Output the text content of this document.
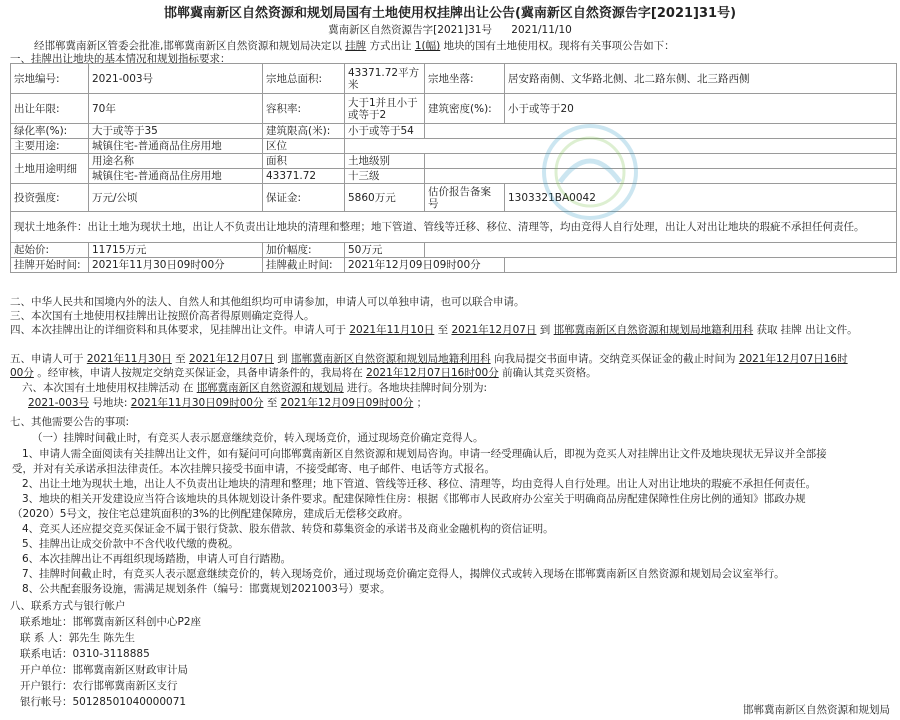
邯郸冀南新区自然资源和规划局国有土地使用权挂牌出让公告(冀南新区自然资源告字[2021]31号)
冀南新区自然资源告字[2021]31号 2021/11/10
经邯郸冀南新区管委会批准,邯郸冀南新区自然资源和规划局决定以 挂牌 方式出让 1(幅) 地块的国有土地使用权。现将有关事项公告如下：
一、挂牌出让地块的基本情况和规划指标要求：
宗地编号:	2021-003号	宗地总面积:	43371.72平方米	宗地坐落:	居安路南侧、文华路北侧、北二路东侧、北三路西侧
出让年限:	70年	容积率:	大于1并且小于或等于2	建筑密度(%):	小于或等于20
绿化率(%):	大于或等于35	建筑限高(米):	小于或等于54		
主要用途:	城镇住宅-普通商品住房用地	区位			
土地用途明细	用途名称	面积	土地级别		
	城镇住宅-普通商品住房用地	43371.72	十三级		
投资强度:	万元/公顷	保证金:	5860万元	估价报告备案号	1303321BA0042
现状土地条件：出让土地为现状土地，出让人不负责出让地块的清理和整理；地下管道、管线等迁移、移位、清理等，均由竞得人自行处理，出让人对出让地块的瑕疵不承担任何责任。					
起始价:	11715万元	加价幅度:	50万元		
挂牌开始时间:	2021年11月30日09时00分	挂牌截止时间:	2021年12月09日09时00分		
二、中华人民共和国境内外的法人、自然人和其他组织均可申请参加，申请人可以单独申请，也可以联合申请。
三、本次国有土地使用权挂牌出让按照价高者得原则确定竞得人。
四、本次挂牌出让的详细资料和具体要求，见挂牌出让文件。申请人可于 2021年11月10日 至 2021年12月07日 到 邯郸冀南新区自然资源和规划局地籍利用科 获取 挂牌 出让文件。
五、申请人可于 2021年11月30日 至 2021年12月07日 到 邯郸冀南新区自然资源和规划局地籍利用科 向我局提交书面申请。交纳竞买保证金的截止时间为 2021年12月07日16时
00分 。经审核，申请人按规定交纳竞买保证金，具备申请条件的，我局将在 2021年12月07日16时00分 前确认其竞买资格。
六、本次国有土地使用权挂牌活动 在 邯郸冀南新区自然资源和规划局 进行。各地块挂牌时间分别为:
2021-003号 号地块: 2021年11月30日09时00分 至 2021年12月09日09时00分 ；
七、其他需要公告的事项:
（一）挂牌时间截止时，有竞买人表示愿意继续竞价，转入现场竞价，通过现场竞价确定竞得人。
1、申请人需全面阅读有关挂牌出让文件，如有疑问可向邯郸冀南新区自然资源和规划局咨询。申请一经受理确认后，即视为竞买人对挂牌出让文件及地块现状无异议并全部接
受，并对有关承诺承担法律责任。本次挂牌只接受书面申请，不接受邮寄、电子邮件、电话等方式报名。
2、出让土地为现状土地，出让人不负责出让地块的清理和整理；地下管道、管线等迁移、移位、清理等，均由竞得人自行处理。出让人对出让地块的瑕疵不承担任何责任。
3、地块的相关开发建设应当符合该地块的具体规划设计条件要求。配建保障性住房：根据《邯郸市人民政府办公室关于明确商品房配建保障性住房比例的通知》邯政办规
（2020）5号文，按住宅总建筑面积的3%的比例配建保障房，建成后无偿移交政府。
4、竞买人还应提交竞买保证金不属于银行贷款、股东借款、转贷和募集资金的承诺书及商业金融机构的资信证明。
5、挂牌出让成交价款中不含代收代缴的费税。
6、本次挂牌出让不再组织现场踏勘，申请人可自行踏勘。
7、挂牌时间截止时，有竞买人表示愿意继续竞价的，转入现场竞价，通过现场竞价确定竞得人，揭牌仪式或转入现场在邯郸冀南新区自然资源和规划局会议室举行。
8、公共配套服务设施，需满足规划条件（编号：邯冀规划2021003号）要求。
八、联系方式与银行帐户
联系地址：邯郸冀南新区科创中心P2座
联 系 人：郭先生 陈先生
联系电话：0310-3118885
开户单位：邯郸冀南新区财政审计局
开户银行：农行邯郸冀南新区支行
银行帐号：50128501040000071
邯郸冀南新区自然资源和规划局
